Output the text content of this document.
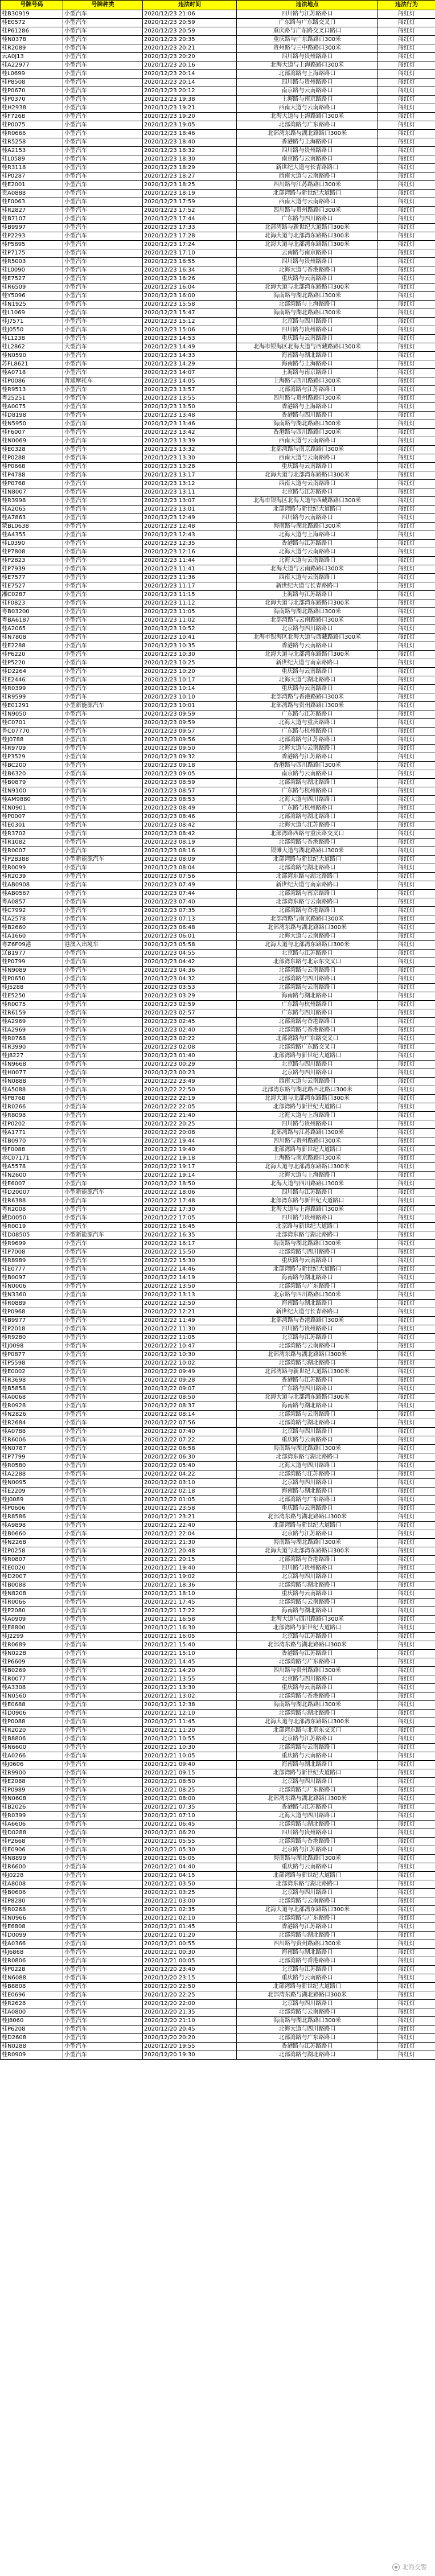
号牌号码	号牌种类	违法时间	违法地点	违法行为
桂B30919	小型汽车	2020/12/23 21:06	四川路与江苏路路口	闯红灯
桂E0572	小型汽车	2020/12/23 20:59	广东路与广东路交叉口	闯红灯
桂P61286	小型汽车	2020/12/23 20:59	重庆路与广东路交叉口路口	闯红灯
桂N0378	小型汽车	2020/12/23 20:35	重庆路与广东路路口300米	闯红灯
桂R2089	小型汽车	2020/12/23 20:21	贵州路与三中路路口300米	闯红灯
云A0J13	小型汽车	2020/12/23 20:20	四川路与贵州路路口	闯红灯
桂A22977	小型汽车	2020/12/23 20:16	北海大道与上海路路口300米	闯红灯
桂L0699	小型汽车	2020/12/23 20:14	北部湾路与上海路路口	闯红灯
桂P8508	小型汽车	2020/12/23 20:14	四川路与贵州路路口	闯红灯
桂P0670	小型汽车	2020/12/23 20:12	南京路与云南路路口	闯红灯
桂P0370	小型汽车	2020/12/23 19:38	上海路与南京路路口	闯红灯
桂H2938	小型汽车	2020/12/23 19:21	西南大道与云南路路口	闯红灯
桂F7268	小型汽车	2020/12/23 19:20	北海大道与上海路路口300米	闯红灯
桂P0075	小型汽车	2020/12/23 19:05	北部湾路与广东路路口	闯红灯
桂R0666	小型汽车	2020/12/23 18:46	北部湾东路与湖北路路口300米	闯红灯
桂R5258	小型汽车	2020/12/23 18:40	香港路与上海路路口	闯红灯
桂A2153	小型汽车	2020/12/23 18:32	四川路与贵州路路口	闯红灯
桂L0589	小型汽车	2020/12/23 18:30	南京路与云南路路口	闯红灯
桂R3118	小型汽车	2020/12/23 18:29	新世纪大道与长青路路口	闯红灯
桂P0287	小型汽车	2020/12/23 18:27	西南大道与云南路路口	闯红灯
桂E2001	小型汽车	2020/12/23 18:25	四川路与江苏路路口300米	闯红灯
贵A0888	小型汽车	2020/12/23 18:19	北部湾路与新世纪大道路口	闯红灯
桂F0063	小型汽车	2020/12/23 17:59	西南大道与云南路路口	闯红灯
桂R2827	小型汽车	2020/12/23 17:52	四川路与贵州路路口300米	闯红灯
桂B7107	小型汽车	2020/12/23 17:44	广东路与四川路路口	闯红灯
桂B9997	小型汽车	2020/12/23 17:33	北部湾路与新世纪大道路口300米	闯红灯
桂P2293	小型汽车	2020/12/23 17:28	北海大道与北部湾东路路口300米	闯红灯
桂P5895	小型汽车	2020/12/23 17:24	北海大道与北部湾东路路口300米	闯红灯
桂P7175	小型汽车	2020/12/23 17:10	云南路与南京路路口	闯红灯
桂R5003	小型汽车	2020/12/23 16:55	四川路与贵州路路口	闯红灯
桂L0090	小型汽车	2020/12/23 16:34	北海大道与香港路路口	闯红灯
桂E7527	小型汽车	2020/12/23 16:26	重庆路与云南路路口	闯红灯
桂R6509	小型汽车	2020/12/23 16:04	北海大道与北部湾东路路口300米	闯红灯
桂Y5096	小型汽车	2020/12/23 16:00	海南路与湖北路路口300米	闯红灯
桂N1925	小型汽车	2020/12/23 15:58	北部湾路与上海路路口	闯红灯
桂L1069	小型汽车	2020/12/23 15:47	海南路与湖北路路口300米	闯红灯
桂J7571	小型汽车	2020/12/23 15:12	北京路与四川路路口	闯红灯
桂J0550	小型汽车	2020/12/23 15:06	四川路与贵州路路口	闯红灯
桂L1238	小型汽车	2020/12/23 14:53	重庆路与云南路路口	闯红灯
桂L2862	大型汽车	2020/12/23 14:49	北海市银海区北海大道与西藏路路口300米	闯红灯
桂N0590	小型汽车	2020/12/23 14:33	海南路与湖北路路口	闯红灯
苏FL8621	小型汽车	2020/12/23 14:29	海南路与上海路路口	闯红灯
桂A0718	小型汽车	2020/12/23 14:07	上海路与南京路路口	闯红灯
桂P0086	普通摩托车	2020/12/23 14:05	上海路与四川路路口300米	闯红灯
桂R9513	小型汽车	2020/12/23 13:57	北部湾路与江苏路路口	闯红灯
粤25251	小型汽车	2020/12/23 13:55	四川路与贵州路路口300米	闯红灯
桂A0075	小型汽车	2020/12/23 13:50	香港路与上海路路口	闯红灯
桂D8198	小型汽车	2020/12/23 13:48	香港路与四川路路口	闯红灯
桂N5950	小型汽车	2020/12/23 13:46	海南路与湖北路路口300米	闯红灯
桂F6007	小型汽车	2020/12/23 13:42	香港路与四川路路口300米	闯红灯
桂N0069	小型汽车	2020/12/23 13:39	西南大道与云南路路口	闯红灯
桂E0328	小型汽车	2020/12/23 13:32	北部湾路与南京路路口300米	闯红灯
桂P0288	小型汽车	2020/12/23 13:30	西南大道与云南路路口	闯红灯
桂P0668	小型汽车	2020/12/23 13:28	重庆路与云南路路口	闯红灯
桂P4788	小型汽车	2020/12/23 13:17	北海大道与北部湾东路路口300米	闯红灯
桂P0768	小型汽车	2020/12/23 13:12	西南大道与云南路路口	闯红灯
桂N8007	小型汽车	2020/12/23 13:11	北京路与江苏路路口	闯红灯
桂R3998	小型汽车	2020/12/23 13:07	北海市银海区北海大道与西藏路路口300米	闯红灯
桂A2065	小型汽车	2020/12/23 13:01	北部湾路与新世纪大道路口	闯红灯
桂A7863	小型汽车	2020/12/23 12:49	四川路与云南路路口	闯红灯
蒙BL0638	小型汽车	2020/12/23 12:48	海南路与湖北路路口300米	闯红灯
桂A4355	小型汽车	2020/12/23 12:43	北海大道与上海路路口	闯红灯
桂L0390	小型汽车	2020/12/23 12:35	香港路与江苏路路口	闯红灯
桂P7808	小型汽车	2020/12/23 12:16	北海大道与云南路路口	闯红灯
桂P2823	小型汽车	2020/12/23 11:44	北海大道与云南路路口	闯红灯
桂P7939	小型汽车	2020/12/23 11:41	北海大道与云南路路口300米	闯红灯
桂E7577	小型汽车	2020/12/23 11:36	西南大道与云南路路口	闯红灯
桂E7527	小型汽车	2020/12/23 11:17	新世纪大道与长青路路口	闯红灯
湘C0287	小型汽车	2020/12/23 11:15	上海路与江苏路路口	闯红灯
桂F0823	小型汽车	2020/12/23 11:12	北海大道与北部湾东路路口300米	闯红灯
粤B03200	小型汽车	2020/12/23 11:05	海南路与湖北路路口300米	闯红灯
粤BA6187	小型汽车	2020/12/23 11:02	北部湾路与云南路路口300米	闯红灯
桂A2065	小型汽车	2020/12/23 10:52	北京路与四川路路口	闯红灯
桂N7808	小型汽车	2020/12/23 10:41	北海市银海区北海大道与西藏路路口300米	闯红灯
桂E2288	小型汽车	2020/12/23 10:35	香港路与云南路路口	闯红灯
桂P6220	小型汽车	2020/12/23 10:30	北海大道与北部湾东路路口300米	闯红灯
桂P5220	小型汽车	2020/12/23 10:25	新世纪大道与南京路路口	闯红灯
桂D2264	小型汽车	2020/12/23 10:20	重庆路与云南路路口	闯红灯
桂E2446	小型汽车	2020/12/23 10:17	北海大道与湖北路路口	闯红灯
桂R0399	小型汽车	2020/12/23 10:14	重庆路与云南路路口	闯红灯
桂R9599	小型汽车	2020/12/23 10:10	北部湾路与香港路路口300米	闯红灯
桂E01291	小型新能源汽车	2020/12/23 10:01	北部湾路与贵州路路口300米	闯红灯
桂N9050	小型汽车	2020/12/23 09:59	广东路与江苏路路口	闯红灯
桂C0701	小型汽车	2020/12/23 09:59	北海大道与重庆路路口	闯红灯
鲁C07770	小型汽车	2020/12/23 09:57	广东路与杭州路路口	闯红灯
桂J0788	小型汽车	2020/12/23 09:56	北部湾路与江苏路路口	闯红灯
桂R9709	小型汽车	2020/12/23 09:50	北海大道与云南路路口	闯红灯
桂P3529	小型汽车	2020/12/23 09:32	香港路与江苏路路口	闯红灯
桂BC200	小型汽车	2020/12/23 09:18	香港路与四川路路口300米	闯红灯
桂B6320	小型汽车	2020/12/23 09:05	南京路与云南路路口	闯红灯
桂B0879	小型汽车	2020/12/23 08:59	北部湾路与湖北路路口	闯红灯
桂N9100	小型汽车	2020/12/23 08:57	广东路与杭州路路口	闯红灯
桂AM9880	小型汽车	2020/12/23 08:53	北海大道与四川路路口	闯红灯
桂N0901	小型汽车	2020/12/23 08:49	广东路与杭州路路口	闯红灯
桂P0007	小型汽车	2020/12/23 08:46	北部湾路与湖北路路口	闯红灯
桂E0301	小型汽车	2020/12/23 08:42	北海大道与江苏路路口	闯红灯
桂R3702	小型汽车	2020/12/23 08:42	北部湾路西路与重庆路交叉口	闯红灯
桂R1082	小型汽车	2020/12/23 08:19	北部湾路与香港路路口	闯红灯
桂R0007	小型汽车	2020/12/23 08:16	银滩大道与湖北路路口300米	闯红灯
桂P28388	小型新能源汽车	2020/12/23 08:09	北部湾路与新世纪大道路口	闯红灯
桂R0099	小型汽车	2020/12/23 08:04	北部湾路与湖北路路口	闯红灯
桂R2039	小型汽车	2020/12/23 07:56	北部湾东路与湖北路路口	闯红灯
桂AB0908	小型汽车	2020/12/23 07:49	新世纪大道与南京路路口	闯红灯
桂AB0567	小型汽车	2020/12/23 07:44	北部湾路与南京路路口	闯红灯
粤A0857	小型汽车	2020/12/23 07:40	北部湾东路与云南路路口	闯红灯
桂C7992	小型汽车	2020/12/23 07:35	北部湾路与香港路路口	闯红灯
桂A2578	小型汽车	2020/12/23 07:13	北部湾路与南京路路口300米	闯红灯
桂B2660	小型汽车	2020/12/23 06:48	北部湾东路与湖北路路口300米	闯红灯
桂A1660	小型汽车	2020/12/23 06:01	北海大道与云南路路口	闯红灯
粤Z6F09港	港澳入出境车	2020/12/23 05:58	北海大道与北部湾东路路口300米	闯红灯
辽B1977	小型汽车	2020/12/23 04:55	北京路与江苏路路口	闯红灯
桂P0799	小型汽车	2020/12/23 04:42	北部湾东路与北京东交叉口	闯红灯
桂N9089	小型汽车	2020/12/23 04:36	北部湾路与云南路路口	闯红灯
桂P0650	小型汽车	2020/12/23 04:32	北部湾路与四川路路口	闯红灯
桂J5288	小型汽车	2020/12/23 03:53	北部湾路与云南路路口	闯红灯
桂E5250	小型汽车	2020/12/23 03:29	海南路与湖北路路口	闯红灯
桂R0075	小型汽车	2020/12/23 02:59	广东路与杭州路路口	闯红灯
桂R6159	小型汽车	2020/12/23 02:57	广东路与四川路路口	闯红灯
桂A2969	小型汽车	2020/12/23 02:45	北部湾路与香港路路口	闯红灯
桂A2969	小型汽车	2020/12/23 02:40	北部湾路与香港路路口	闯红灯
桂R0768	小型汽车	2020/12/23 02:22	北部湾路与广东路交叉口	闯红灯
桂R3990	小型汽车	2020/12/23 02:08	北部湾路广东路交叉口	闯红灯
桂J8227	小型汽车	2020/12/23 01:40	北部湾路与新世纪大道路口	闯红灯
桂N9668	小型汽车	2020/12/23 00:29	北京路与四川路路口	闯红灯
桂H0077	小型汽车	2020/12/23 00:23	北京路与四川路路口	闯红灯
桂N0888	小型汽车	2020/12/22 23:49	西南大道与云南路路口	闯红灯
桂A5088	小型汽车	2020/12/22 22:50	北部湾东路与湖北路西北路口300米	闯红灯
桂P8768	小型汽车	2020/12/22 22:19	北海大道与北部湾东路路口300米	闯红灯
桂R0266	小型汽车	2020/12/22 22:05	北部湾路与新世纪大道路口	闯红灯
桂R8098	小型汽车	2020/12/22 21:40	北海大道与上海路路口	闯红灯
桂P0202	小型汽车	2020/12/22 20:25	四川路与贵州路路口	闯红灯
桂A1771	小型汽车	2020/12/22 20:08	北部湾路与江苏路路口300米	闯红灯
桂B0970	小型汽车	2020/12/22 19:44	四川路与贵州路路口300米	闯红灯
桂F0088	小型汽车	2020/12/22 19:40	北部湾路与新世纪大道路口	闯红灯
赤C07171	小型汽车	2020/12/22 19:18	上海路与南京路路口300米	闯红灯
桂A5578	小型汽车	2020/12/22 19:17	北海大道与北部湾东路路口300米	闯红灯
桂N2600	小型汽车	2020/12/22 19:14	北海大道与上海路路口	闯红灯
桂E6007	小型汽车	2020/12/22 18:50	北海大道与四川路路口300米	闯红灯
桂D20007	小型新能源汽车	2020/12/22 18:06	四川路与江苏路路口	闯红灯
桂R6388	小型汽车	2020/12/22 17:48	北部湾东路与新世纪大道路口	闯红灯
粤R2008	小型汽车	2020/12/22 17:30	北海大道与上海路路口300米	闯红灯
藏D0050	小型汽车	2020/12/22 17:05	四川路与贵州路路口	闯红灯
桂R0019	小型汽车	2020/12/22 16:45	北京路与新世纪大道路口	闯红灯
桂D08505	小型新能源汽车	2020/12/22 16:35	北部湾东路与湖北路路口	闯红灯
桂R9699	小型汽车	2020/12/22 16:17	海南路与湖北路路口300米	闯红灯
桂P7008	小型汽车	2020/12/22 15:50	北部湾路与四川路路口	闯红灯
桂R8989	小型汽车	2020/12/22 15:30	重庆路与云南路路口	闯红灯
桂E0777	小型汽车	2020/12/22 14:46	北部湾路与新世纪大道路口	闯红灯
桂B0097	小型汽车	2020/12/22 14:19	海南路与湖北路路口	闯红灯
桂N0006	小型汽车	2020/12/22 13:50	北部湾路与广东路路口	闯红灯
桂N3360	小型汽车	2020/12/22 13:13	北京路与四川路路口300米	闯红灯
桂R0889	小型汽车	2020/12/22 12:50	海南路与湖北路路口	闯红灯
桂P0968	小型汽车	2020/12/22 12:21	新世纪大道与长青路路口	闯红灯
桂B9977	小型汽车	2020/12/22 11:49	北部湾路与香港路路口300米	闯红灯
桂P2018	小型汽车	2020/12/22 11:30	四川路与贵州路路口	闯红灯
桂R9280	小型汽车	2020/12/22 11:05	北京路与江苏路路口	闯红灯
桂J0098	小型汽车	2020/12/22 10:47	北部湾路与云南路路口	闯红灯
桂P0877	小型汽车	2020/12/22 10:30	北部湾东路与湖北路路口300米	闯红灯
桂P5598	小型汽车	2020/12/22 10:02	北部湾路与湖北路路口	闯红灯
桂E0002	小型汽车	2020/12/22 09:49	北部湾路与新世纪大道路口300米	闯红灯
桂R3698	小型汽车	2020/12/22 09:28	香港路与江苏路路口	闯红灯
桂B5858	小型汽车	2020/12/22 09:07	广东路与四川路路口	闯红灯
桂A0068	小型汽车	2020/12/22 08:50	北海大道与北部湾东路路口300米	闯红灯
桂R0928	小型汽车	2020/12/22 08:37	海南路与湖北路路口	闯红灯
桂N2826	小型汽车	2020/12/22 08:14	北部湾路与云南路路口	闯红灯
桂R2684	小型汽车	2020/12/22 07:56	北部湾路与湖北路路口	闯红灯
桂A0788	小型汽车	2020/12/22 07:40	北京路与四川路路口	闯红灯
桂R6006	小型汽车	2020/12/22 07:22	重庆路与云南路路口	闯红灯
桂N0787	小型汽车	2020/12/22 06:58	海南路与湖北路路口300米	闯红灯
桂P7799	小型汽车	2020/12/22 06:30	北部湾东路与湖北路路口	闯红灯
桂R0580	小型汽车	2020/12/22 05:40	北海大道与四川路路口	闯红灯
桂A2288	小型汽车	2020/12/22 04:22	北部湾路与江苏路路口	闯红灯
桂N0095	小型汽车	2020/12/22 03:10	北京路与四川路路口	闯红灯
桂E2209	小型汽车	2020/12/22 02:18	海南路与湖北路路口	闯红灯
桂J0089	小型汽车	2020/12/22 01:05	北部湾路与广东路路口	闯红灯
桂P0606	小型汽车	2020/12/21 23:58	重庆路与云南路路口	闯红灯
桂R8586	小型汽车	2020/12/21 23:21	北部湾东路与湖北路路口300米	闯红灯
桂A9898	小型汽车	2020/12/21 22:40	北部湾路与新世纪大道路口	闯红灯
桂B0660	小型汽车	2020/12/21 22:04	北京路与江苏路路口	闯红灯
桂N2268	小型汽车	2020/12/21 21:30	海南路与湖北路路口300米	闯红灯
桂P0258	小型汽车	2020/12/21 20:48	北海大道与北部湾东路路口300米	闯红灯
桂R0807	小型汽车	2020/12/21 20:15	北部湾路与香港路路口	闯红灯
桂E0020	小型汽车	2020/12/21 19:40	四川路与贵州路路口	闯红灯
桂D2007	小型汽车	2020/12/21 19:02	北京路与四川路路口	闯红灯
桂B0088	小型汽车	2020/12/21 18:36	北部湾路与湖北路路口	闯红灯
桂N8208	小型汽车	2020/12/21 18:10	重庆路与云南路路口	闯红灯
桂R0066	小型汽车	2020/12/21 17:45	北部湾路与云南路路口	闯红灯
桂P2080	小型汽车	2020/12/21 17:22	海南路与湖北路路口	闯红灯
桂A0909	小型汽车	2020/12/21 16:58	北海大道与四川路路口300米	闯红灯
桂E8800	小型汽车	2020/12/21 16:30	北部湾路与新世纪大道路口	闯红灯
桂J2299	小型汽车	2020/12/21 16:05	北京路与江苏路路口	闯红灯
桂R0689	小型汽车	2020/12/21 15:40	北部湾东路与湖北路路口300米	闯红灯
桂N0228	小型汽车	2020/12/21 15:10	香港路与江苏路路口	闯红灯
桂P6609	小型汽车	2020/12/21 14:45	北部湾路与广东路路口	闯红灯
桂B0269	小型汽车	2020/12/21 14:20	四川路与贵州路路口300米	闯红灯
桂R0077	小型汽车	2020/12/21 13:55	北京路与四川路路口	闯红灯
桂A3308	小型汽车	2020/12/21 13:30	重庆路与云南路路口	闯红灯
桂N0560	小型汽车	2020/12/21 13:02	北部湾路与香港路路口	闯红灯
桂E0688	小型汽车	2020/12/21 12:38	海南路与湖北路路口300米	闯红灯
桂D0906	小型汽车	2020/12/21 12:10	北部湾路与湖北路路口	闯红灯
桂P0088	小型汽车	2020/12/21 11:45	北海大道与北部湾东路路口300米	闯红灯
桂R2020	小型汽车	2020/12/21 11:20	北部湾东路与北京东交叉口	闯红灯
桂B8806	小型汽车	2020/12/21 10:55	北京路与江苏路路口	闯红灯
桂N6600	小型汽车	2020/12/21 10:30	北部湾路与云南路路口	闯红灯
桂A0266	小型汽车	2020/12/21 10:05	重庆路与云南路路口	闯红灯
桂J0606	小型汽车	2020/12/21 09:40	海南路与湖北路路口	闯红灯
桂R9900	小型汽车	2020/12/21 09:15	北部湾路与新世纪大道路口	闯红灯
桂E2088	小型汽车	2020/12/21 08:50	北京路与四川路路口	闯红灯
桂P0989	小型汽车	2020/12/21 08:25	北部湾路与广东路路口	闯红灯
桂N0608	小型汽车	2020/12/21 08:00	北部湾东路与湖北路路口300米	闯红灯
桂B2026	小型汽车	2020/12/21 07:35	香港路与江苏路路口	闯红灯
桂R0399	小型汽车	2020/12/21 07:10	北海大道与四川路路口	闯红灯
桂A6606	小型汽车	2020/12/21 06:45	北部湾路与湖北路路口	闯红灯
桂D0288	小型汽车	2020/12/21 06:20	四川路与贵州路路口	闯红灯
桂P2668	小型汽车	2020/12/21 05:55	北部湾路与香港路路口	闯红灯
桂E0906	小型汽车	2020/12/21 05:30	北京路与江苏路路口	闯红灯
桂N8899	小型汽车	2020/12/21 05:05	海南路与湖北路路口300米	闯红灯
桂R6600	小型汽车	2020/12/21 04:40	重庆路与云南路路口	闯红灯
桂J0228	小型汽车	2020/12/21 04:15	北部湾路与新世纪大道路口	闯红灯
桂A8008	小型汽车	2020/12/21 03:50	北部湾东路与湖北路路口	闯红灯
桂B0606	小型汽车	2020/12/21 03:25	北京路与四川路路口	闯红灯
桂P8280	小型汽车	2020/12/21 03:00	北部湾路与云南路路口	闯红灯
桂R0268	小型汽车	2020/12/21 02:35	北海大道与北部湾东路路口300米	闯红灯
桂N0966	小型汽车	2020/12/21 02:10	北部湾路与广东路路口	闯红灯
桂E6808	小型汽车	2020/12/21 01:45	香港路与江苏路路口	闯红灯
桂D0099	小型汽车	2020/12/21 01:20	北部湾路与湖北路路口	闯红灯
桂A0366	小型汽车	2020/12/21 00:55	四川路与贵州路路口300米	闯红灯
桂J6868	小型汽车	2020/12/21 00:30	海南路与湖北路路口	闯红灯
桂R0806	小型汽车	2020/12/21 00:05	北部湾路与香港路路口	闯红灯
桂P0228	小型汽车	2020/12/20 23:40	北京路与江苏路路口	闯红灯
桂N6088	小型汽车	2020/12/20 23:15	重庆路与云南路路口	闯红灯
桂B8808	小型汽车	2020/12/20 22:50	北部湾路与新世纪大道路口	闯红灯
桂E0696	小型汽车	2020/12/20 22:25	北部湾东路与湖北路路口300米	闯红灯
桂R2628	小型汽车	2020/12/20 22:00	北京路与四川路路口	闯红灯
桂A0800	小型汽车	2020/12/20 21:35	北部湾路与云南路路口	闯红灯
桂J8060	小型汽车	2020/12/20 21:10	海南路与湖北路路口300米	闯红灯
桂P6208	小型汽车	2020/12/20 20:45	北海大道与四川路路口	闯红灯
桂D2608	小型汽车	2020/12/20 20:20	北部湾路与广东路路口	闯红灯
桂N0288	小型汽车	2020/12/20 19:55	香港路与江苏路路口	闯红灯
桂R0909	小型汽车	2020/12/20 19:30	北部湾路与湖北路路口	闯红灯
北海交警
